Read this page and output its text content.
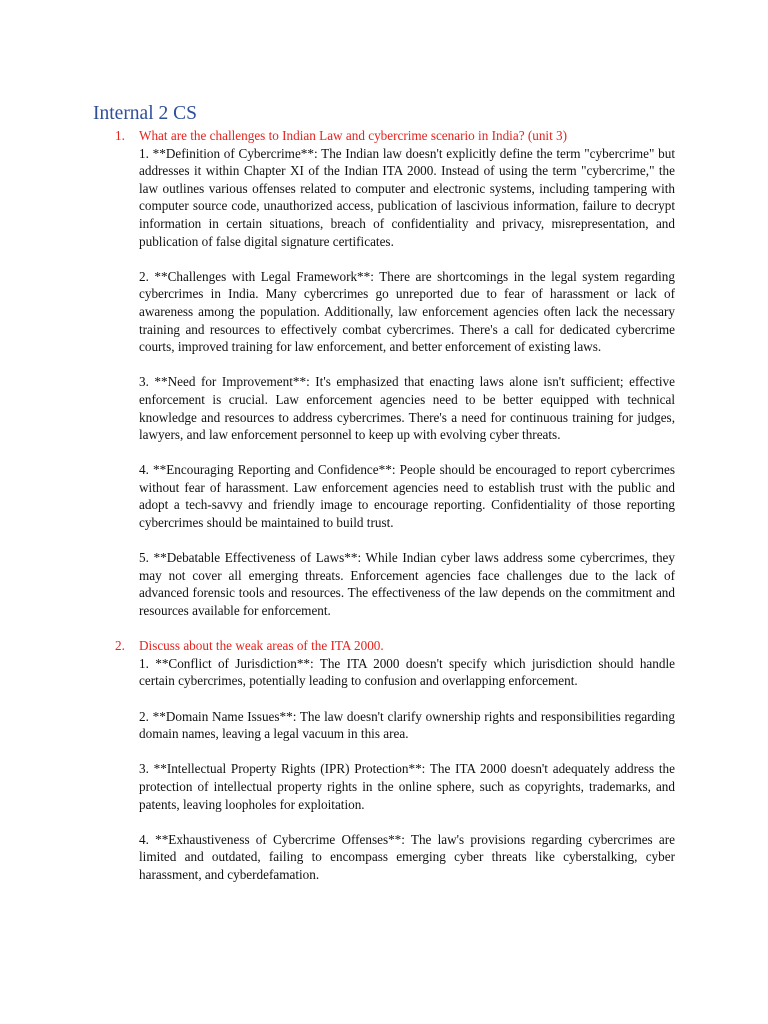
Internal 2 CS
1. What are the challenges to Indian Law and cybercrime scenario in India? (unit 3)

1. **Definition of Cybercrime**: The Indian law doesn't explicitly define the term "cybercrime" but addresses it within Chapter XI of the Indian ITA 2000. Instead of using the term "cybercrime," the law outlines various offenses related to computer and electronic systems, including tampering with computer source code, unauthorized access, publication of lascivious information, failure to decrypt information in certain situations, breach of confidentiality and privacy, misrepresentation, and publication of false digital signature certificates.

2. **Challenges with Legal Framework**: There are shortcomings in the legal system regarding cybercrimes in India. Many cybercrimes go unreported due to fear of harassment or lack of awareness among the population. Additionally, law enforcement agencies often lack the necessary training and resources to effectively combat cybercrimes. There's a call for dedicated cybercrime courts, improved training for law enforcement, and better enforcement of existing laws.

3. **Need for Improvement**: It's emphasized that enacting laws alone isn't sufficient; effective enforcement is crucial. Law enforcement agencies need to be better equipped with technical knowledge and resources to address cybercrimes. There's a need for continuous training for judges, lawyers, and law enforcement personnel to keep up with evolving cyber threats.

4. **Encouraging Reporting and Confidence**: People should be encouraged to report cybercrimes without fear of harassment. Law enforcement agencies need to establish trust with the public and adopt a tech-savvy and friendly image to encourage reporting. Confidentiality of those reporting cybercrimes should be maintained to build trust.

5. **Debatable Effectiveness of Laws**: While Indian cyber laws address some cybercrimes, they may not cover all emerging threats. Enforcement agencies face challenges due to the lack of advanced forensic tools and resources. The effectiveness of the law depends on the commitment and resources available for enforcement.

2. Discuss about the weak areas of the ITA 2000.

1. **Conflict of Jurisdiction**: The ITA 2000 doesn't specify which jurisdiction should handle certain cybercrimes, potentially leading to confusion and overlapping enforcement.

2. **Domain Name Issues**: The law doesn't clarify ownership rights and responsibilities regarding domain names, leaving a legal vacuum in this area.

3. **Intellectual Property Rights (IPR) Protection**: The ITA 2000 doesn't adequately address the protection of intellectual property rights in the online sphere, such as copyrights, trademarks, and patents, leaving loopholes for exploitation.

4. **Exhaustiveness of Cybercrime Offenses**: The law's provisions regarding cybercrimes are limited and outdated, failing to encompass emerging cyber threats like cyberstalking, cyber harassment, and cyberdefamation.
